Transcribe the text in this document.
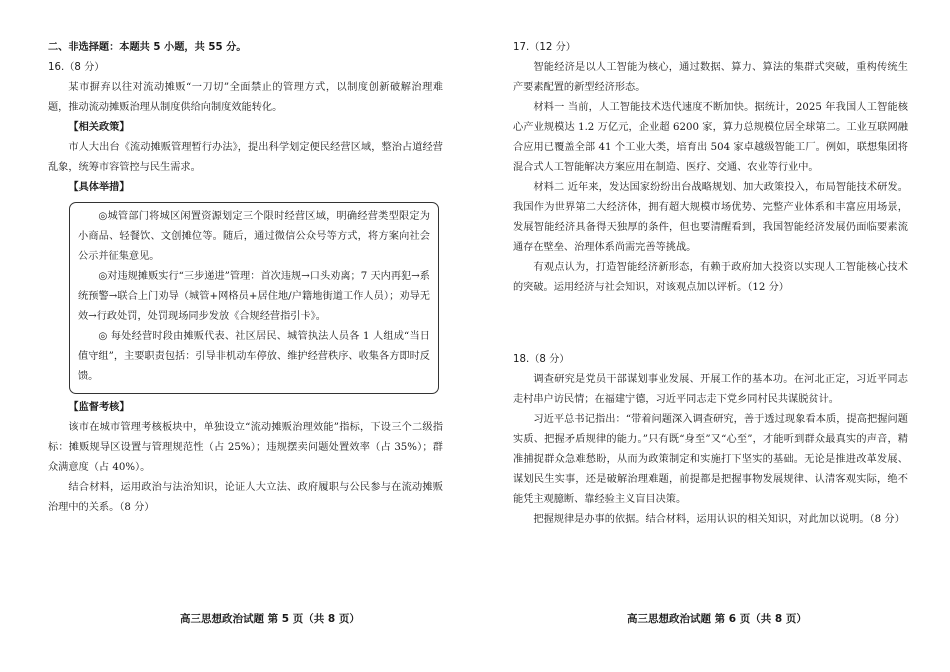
二、非选择题：本题共 5 小题，共 55 分。

16.（8 分）

某市摒弃以往对流动摊贩“一刀切”全面禁止的管理方式，以制度创新破解治理难题，推动流动摊贩治理从制度供给向制度效能转化。

【相关政策】

市人大出台《流动摊贩管理暂行办法》，提出科学划定便民经营区域，整治占道经营乱象，统筹市容管控与民生需求。

【具体举措】

◎城管部门将城区闲置资源划定三个限时经营区域，明确经营类型限定为小商品、轻餐饮、文创摊位等。随后，通过微信公众号等方式，将方案向社会公示并征集意见。

◎对违规摊贩实行“三步递进”管理：首次违规→口头劝离；7 天内再犯→系统预警→联合上门劝导（城管+网格员+居住地/户籍地街道工作人员）；劝导无效→行政处罚，处罚现场同步发放《合规经营指引卡》。

◎ 每处经营时段由摊贩代表、社区居民、城管执法人员各 1 人组成“当日值守组”，主要职责包括：引导非机动车停放、维护经营秩序、收集各方即时反馈。

【监督考核】

该市在城市管理考核板块中，单独设立“流动摊贩治理效能”指标，下设三个二级指标：摊贩规导区设置与管理规范性（占 25%）；违规摆卖问题处置效率（占 35%）；群众满意度（占 40%）。

结合材料，运用政治与法治知识，论证人大立法、政府履职与公民参与在流动摊贩治理中的关系。（8 分）

17.（12 分）

智能经济是以人工智能为核心，通过数据、算力、算法的集群式突破，重构传统生产要素配置的新型经济形态。

材料一 当前，人工智能技术迭代速度不断加快。据统计，2025 年我国人工智能核心产业规模达 1.2 万亿元，企业超 6200 家，算力总规模位居全球第二。工业互联网融合应用已覆盖全部 41 个工业大类，培育出 504 家卓越级智能工厂。例如，联想集团将混合式人工智能解决方案应用在制造、医疗、交通、农业等行业中。

材料二 近年来，发达国家纷纷出台战略规划、加大政策投入，布局智能技术研发。我国作为世界第二大经济体，拥有超大规模市场优势、完整产业体系和丰富应用场景，发展智能经济具备得天独厚的条件，但也要清醒看到，我国智能经济发展仍面临要素流通存在壁垒、治理体系尚需完善等挑战。

有观点认为，打造智能经济新形态，有赖于政府加大投资以实现人工智能核心技术的突破。运用经济与社会知识，对该观点加以评析。（12 分）

18.（8 分）

调查研究是党员干部谋划事业发展、开展工作的基本功。在河北正定，习近平同志走村串户访民情；在福建宁德，习近平同志走下党乡同村民共谋脱贫计。

习近平总书记指出：“带着问题深入调查研究，善于透过现象看本质，提高把握问题实质、把握矛盾规律的能力。”只有既“身至”又“心至”，才能听到群众最真实的声音，精准捕捉群众急难愁盼，从而为政策制定和实施打下坚实的基础。无论是推进改革发展、谋划民生实事，还是破解治理难题，前提都是把握事物发展规律、认清客观实际，绝不能凭主观臆断、靠经验主义盲目决策。

把握规律是办事的依据。结合材料，运用认识的相关知识，对此加以说明。（8 分）

高三思想政治试题 第 5 页（共 8 页）	高三思想政治试题 第 6 页（共 8 页）
